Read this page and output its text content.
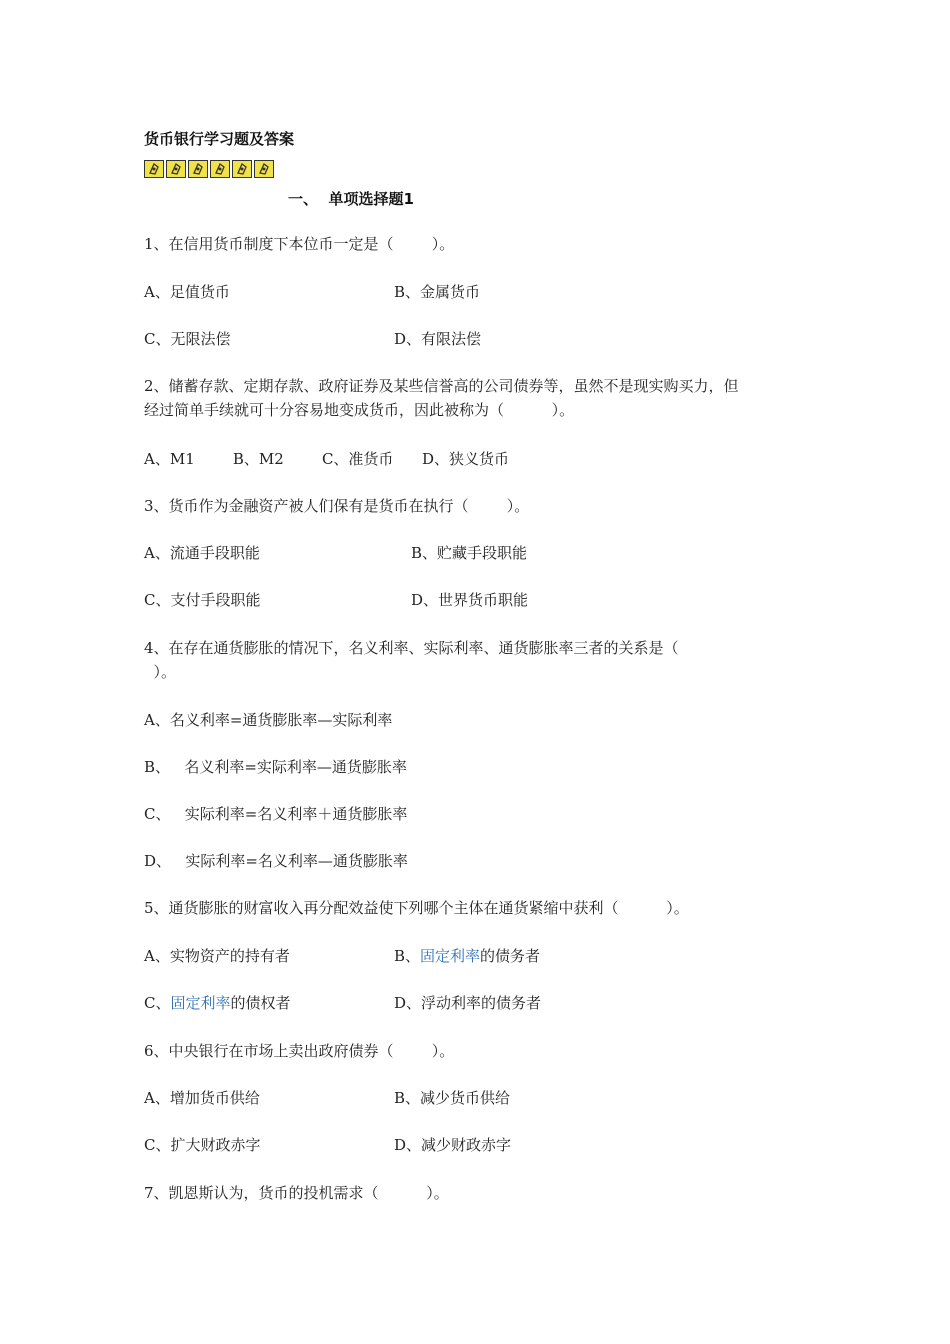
货币银行学习题及答案
一、  单项选择题1
1、在信用货币制度下本位币一定是（        ）。
A、足值货币	B、金属货币
C、无限法偿	D、有限法偿
2、储蓄存款、定期存款、政府证券及某些信誉高的公司债券等，虽然不是现实购买力，但
经过简单手续就可十分容易地变成货币，因此被称为（          ）。
A、M1        B、M2        C、准货币      D、狭义货币
3、货币作为金融资产被人们保有是货币在执行（        ）。
A、流通手段职能	B、贮藏手段职能
C、支付手段职能	D、世界货币职能
4、在存在通货膨胀的情况下，名义利率、实际利率、通货膨胀率三者的关系是（
）。
A、名义利率=通货膨胀率—实际利率
B、   名义利率=实际利率—通货膨胀率
C、   实际利率=名义利率＋通货膨胀率
D、   实际利率=名义利率—通货膨胀率
5、通货膨胀的财富收入再分配效益使下列哪个主体在通货紧缩中获利（          ）。
A、实物资产的持有者	B、固定利率的债务者
C、固定利率的债权者	D、浮动利率的债务者
6、中央银行在市场上卖出政府债券（        ）。
A、增加货币供给	B、减少货币供给
C、扩大财政赤字	D、减少财政赤字
7、凯恩斯认为，货币的投机需求（          ）。
